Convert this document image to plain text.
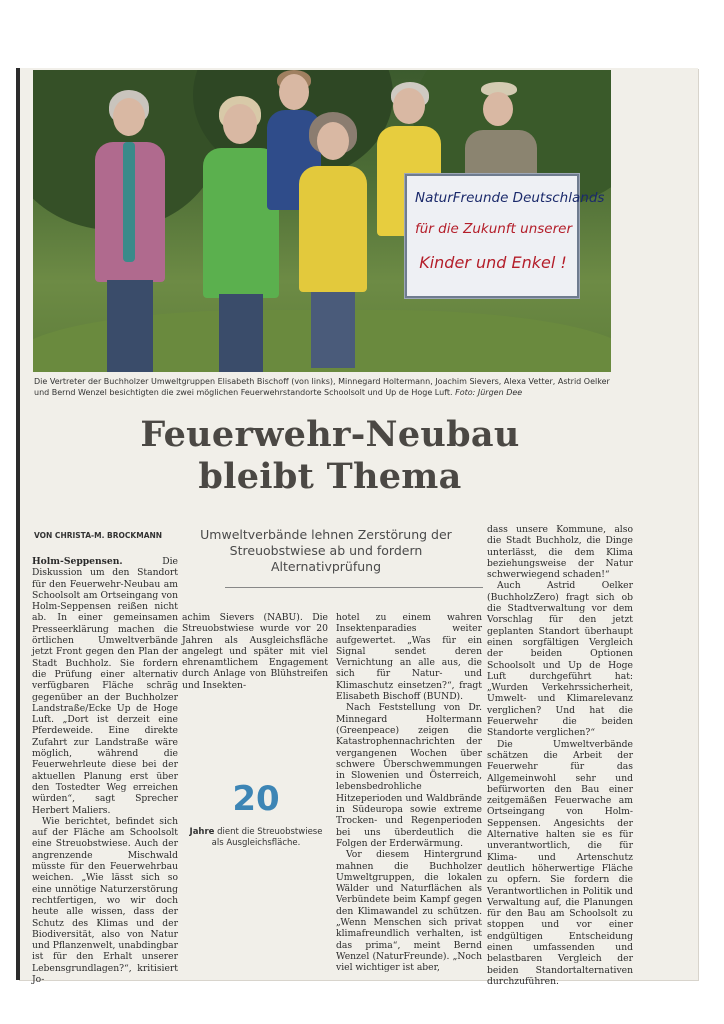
NaturFreunde Deutschlands
für die Zukunft unserer
Kinder und Enkel !
Die Vertreter der Buchholzer Umweltgruppen Elisabeth Bischoff (von links), Minnegard Holtermann, Joachim Sievers, Alexa Vetter, Astrid Oelker und Bernd Wenzel besichtigten die zwei möglichen Feuerwehrstandorte Schoolsolt und Up de Hoge Luft. Foto: Jürgen Dee
Feuerwehr-Neubau
bleibt Thema
VON CHRISTA-M. BROCKMANN	Umweltverbände lehnen Zerstörung der Streuobstwiese ab und fordern Alternativprüfung

Holm-Seppensen.	Die Diskussion um den Standort für den Feuerwehr-Neubau am Schoolsolt am Ortseingang von Holm-Seppensen reißen nicht ab. In einer gemeinsamen Presseerklärung machen die örtlichen Umweltverbände jetzt Front gegen den Plan der Stadt Buchholz. Sie fordern die Prüfung einer alternativ verfügbaren Fläche schräg gegenüber an der Buchholzer Landstraße/Ecke Up de Hoge Luft. „Dort ist derzeit eine Pferdeweide. Eine direkte Zufahrt zur Landstraße wäre möglich, während die Feuerwehrleute diese bei der aktuellen Planung erst über den Tostedter Weg erreichen würden“, sagt Sprecher Herbert Maliers.

Wie berichtet, befindet sich auf der Fläche am Schoolsolt eine Streuobstwiese. Auch der angrenzende Mischwald müsste für den Feuerwehrbau weichen. „Wie lässt sich so eine unnötige Naturzerstörung rechtfertigen, wo wir doch heute alle wissen, dass der Schutz des Klimas und der Biodiversität, also von Natur und Pflanzenwelt, unabdingbar ist für den Erhalt unserer Lebensgrundlagen?“, kritisiert Jo-

achim Sievers (NABU). Die Streuobstwiese wurde vor 20 Jahren als Ausgleichsfläche angelegt und später mit viel ehrenamtlichem Engagement durch Anlage von Blühstreifen und Insekten-

20
Jahre dient die Streuobstwiese als Ausgleichsfläche.

hotel zu einem wahren Insektenparadies weiter aufgewertet. „Was für ein Signal sendet deren Vernichtung an alle aus, die sich für Natur- und Klimaschutz einsetzen?“, fragt Elisabeth Bischoff (BUND).

Nach Feststellung von Dr. Minnegard Holtermann (Greenpeace) zeigen die Katastrophennachrichten der vergangenen Wochen über schwere Überschwemmungen in Slowenien und Österreich, lebensbedrohliche Hitzeperioden und Waldbrände in Südeuropa sowie extreme Trocken- und Regenperioden bei uns überdeutlich die Folgen der Erderwärmung.

Vor diesem Hintergrund mahnen die Buchholzer Umweltgruppen, die lokalen Wälder und Naturflächen als Verbündete beim Kampf gegen den Klimawandel zu schützen. „Wenn Menschen sich privat klimafreundlich verhalten, ist das prima“, meint Bernd Wenzel (NaturFreunde). „Noch viel wichtiger ist aber,

dass unsere Kommune, also die Stadt Buchholz, die Dinge unterlässt, die dem Klima beziehungsweise der Natur schwerwiegend schaden!“

Auch Astrid Oelker (BuchholzZero) fragt sich ob die Stadtverwaltung vor dem Vorschlag für den jetzt geplanten Standort überhaupt einen sorgfältigen Vergleich der beiden Optionen Schoolsolt und Up de Hoge Luft durchgeführt hat: „Wurden Verkehrssicherheit, Umwelt- und Klimarelevanz verglichen? Und hat die Feuerwehr die beiden Standorte verglichen?“

Die Umweltverbände schätzen die Arbeit der Feuerwehr für das Allgemeinwohl sehr und befürworten den Bau einer zeitgemäßen Feuerwache am Ortseingang von Holm-Seppensen. Angesichts der Alternative halten sie es für unverantwortlich, die für Klima- und Artenschutz deutlich höherwertige Fläche zu opfern. Sie fordern die Verantwortlichen in Politik und Verwaltung auf, die Planungen für den Bau am Schoolsolt zu stoppen und vor einer endgültigen Entscheidung einen umfassenden und belastbaren Vergleich der beiden Standortalternativen durchzuführen.
